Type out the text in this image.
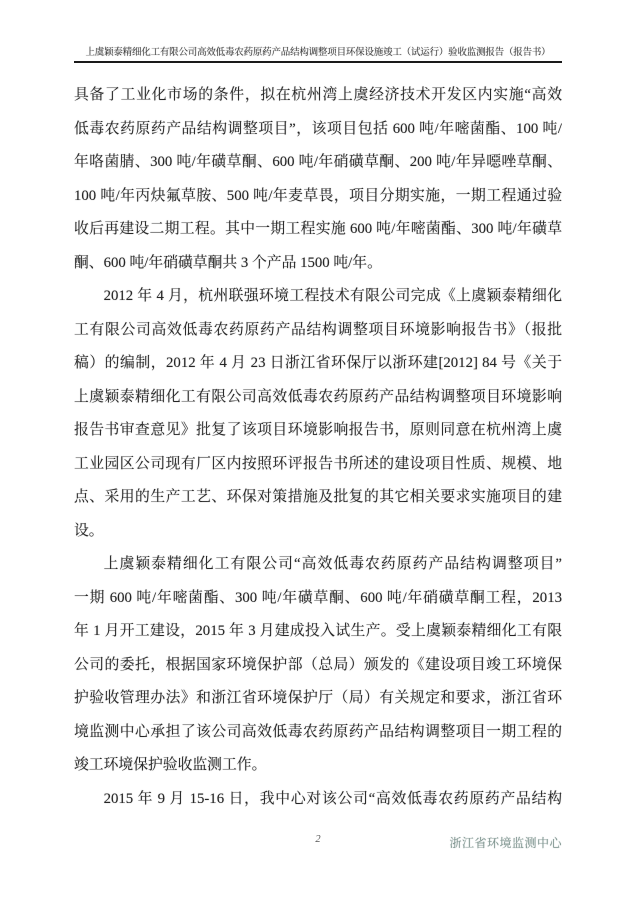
上虞颖泰精细化工有限公司高效低毒农药原药产品结构调整项目环保设施竣工（试运行）验收监测报告（报告书）
具备了工业化市场的条件，拟在杭州湾上虞经济技术开发区内实施“高效
低毒农药原药产品结构调整项目”，该项目包括 600 吨/年嘧菌酯、100 吨/
年咯菌腈、300 吨/年磺草酮、600 吨/年硝磺草酮、200 吨/年异噁唑草酮、
100 吨/年丙炔氟草胺、500 吨/年麦草畏，项目分期实施，一期工程通过验
收后再建设二期工程。其中一期工程实施 600 吨/年嘧菌酯、300 吨/年磺草
酮、600 吨/年硝磺草酮共 3 个产品 1500 吨/年。
2012 年 4 月，杭州联强环境工程技术有限公司完成《上虞颖泰精细化
工有限公司高效低毒农药原药产品结构调整项目环境影响报告书》（报批
稿）的编制，2012 年 4 月 23 日浙江省环保厅以浙环建[2012] 84 号《关于
上虞颖泰精细化工有限公司高效低毒农药原药产品结构调整项目环境影响
报告书审查意见》批复了该项目环境影响报告书，原则同意在杭州湾上虞
工业园区公司现有厂区内按照环评报告书所述的建设项目性质、规模、地
点、采用的生产工艺、环保对策措施及批复的其它相关要求实施项目的建
设。
上虞颖泰精细化工有限公司“高效低毒农药原药产品结构调整项目”
一期 600 吨/年嘧菌酯、300 吨/年磺草酮、600 吨/年硝磺草酮工程，2013
年 1 月开工建设，2015 年 3 月建成投入试生产。受上虞颖泰精细化工有限
公司的委托，根据国家环境保护部（总局）颁发的《建设项目竣工环境保
护验收管理办法》和浙江省环境保护厅（局）有关规定和要求，浙江省环
境监测中心承担了该公司高效低毒农药原药产品结构调整项目一期工程的
竣工环境保护验收监测工作。
2015 年 9 月 15-16 日，我中心对该公司“高效低毒农药原药产品结构
2	浙江省环境监测中心
